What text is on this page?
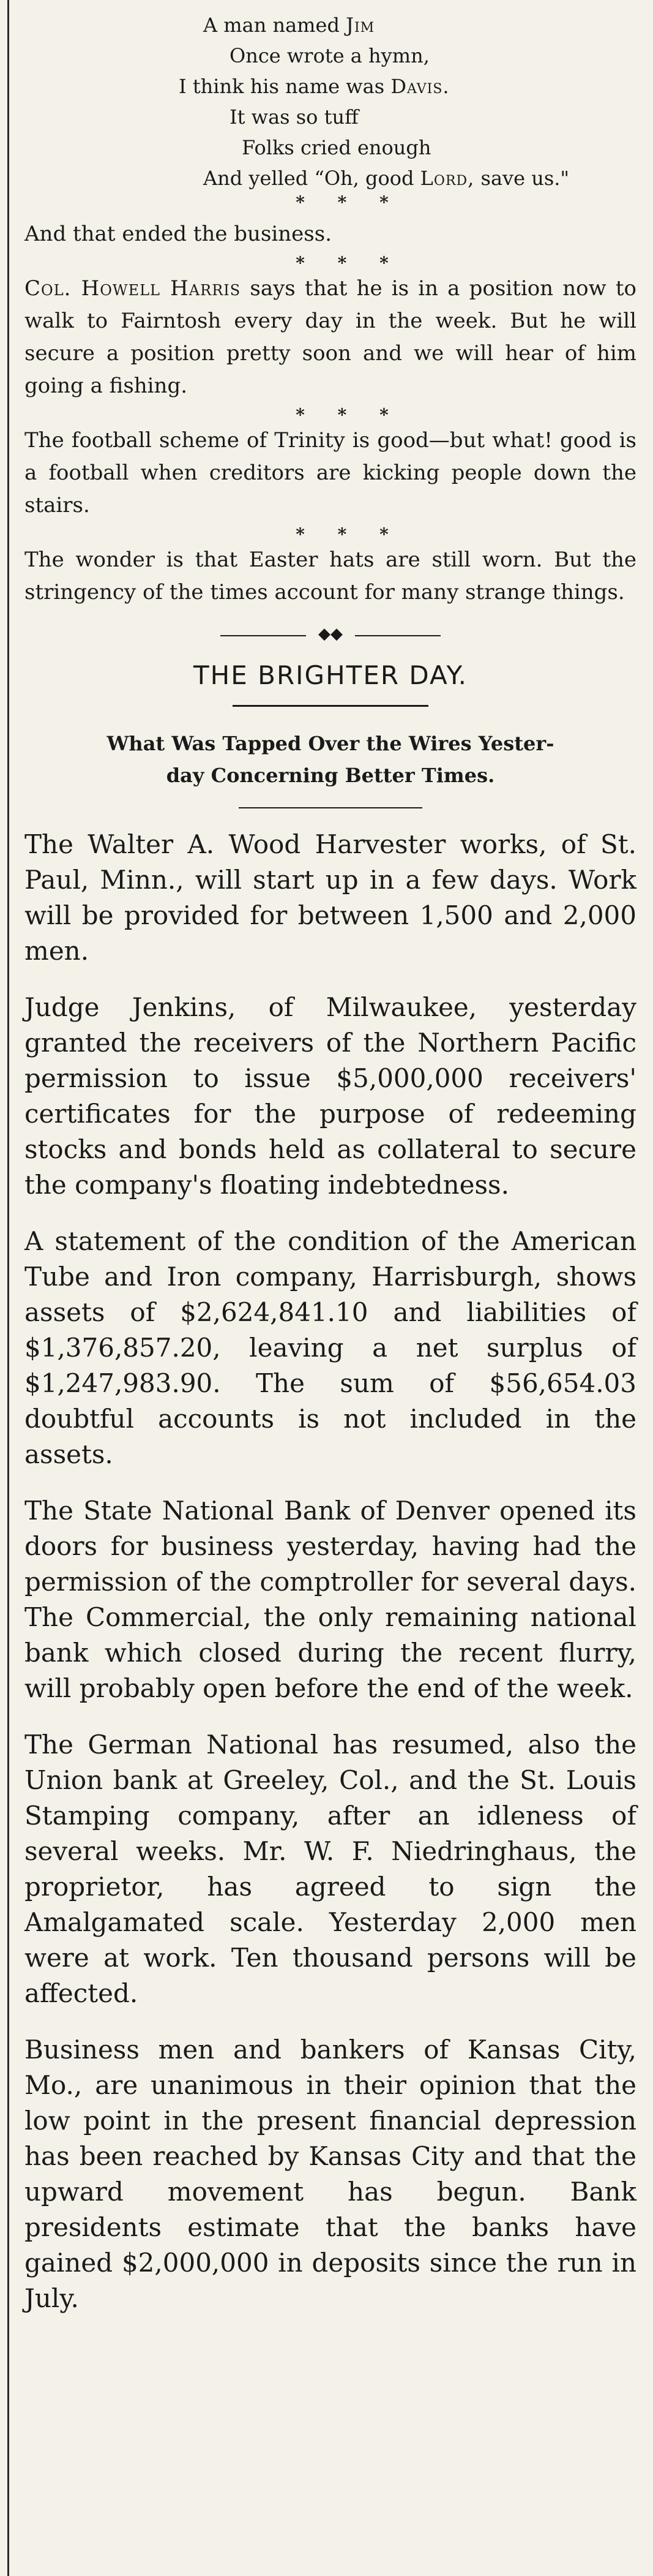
A man named Jim
Once wrote a hymn,
I think his name was Davis.
It was so tuff
Folks cried enough
And yelled “Oh, good Lord, save us."
* * *
And that ended the business.
* * *
Col. Howell Harris says that he is in a position now to walk to Fairntosh every day in the week. But he will secure a position pretty soon and we will hear of him going a fishing.
* * *
The football scheme of Trinity is good—but what! good is a football when creditors are kicking people down the stairs.
* * *
The wonder is that Easter hats are still worn. But the stringency of the times account for many strange things.
◆◆
THE BRIGHTER DAY.
What Was Tapped Over the Wires Yester-
day Concerning Better Times.
The Walter A. Wood Harvester works, of St. Paul, Minn., will start up in a few days. Work will be provided for between 1,500 and 2,000 men.
Judge Jenkins, of Milwaukee, yesterday granted the receivers of the Northern Pacific permission to issue $5,000,000 receivers' certificates for the purpose of redeeming stocks and bonds held as collateral to secure the company's floating indebtedness.
A statement of the condition of the American Tube and Iron company, Harrisburgh, shows assets of $2,624,841.10 and liabilities of $1,376,857.20, leaving a net surplus of $1,247,983.90. The sum of $56,654.03 doubtful accounts is not included in the assets.
The State National Bank of Denver opened its doors for business yesterday, having had the permission of the comptroller for several days. The Commercial, the only remaining national bank which closed during the recent flurry, will probably open before the end of the week.
The German National has resumed, also the Union bank at Greeley, Col., and the St. Louis Stamping company, after an idleness of several weeks. Mr. W. F. Niedringhaus, the proprietor, has agreed to sign the Amalgamated scale. Yesterday 2,000 men were at work. Ten thousand persons will be affected.
Business men and bankers of Kansas City, Mo., are unanimous in their opinion that the low point in the present financial depression has been reached by Kansas City and that the upward movement has begun. Bank presidents estimate that the banks have gained $2,000,000 in deposits since the run in July.
